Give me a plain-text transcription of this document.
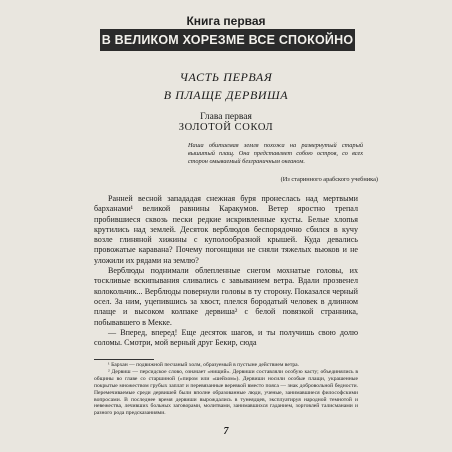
Книга первая
В ВЕЛИКОМ ХОРЕЗМЕ ВСЕ СПОКОЙНО
ЧАСТЬ ПЕРВАЯ
В ПЛАЩЕ ДЕРВИША
Глава первая
ЗОЛОТОЙ СОКОЛ
Наша обитаемая земля похожа на развернутый старый вышитый плащ. Она представляет собою остров, со всех сторон омываемый безграничным океаном.
(Из старинного арабского учебника)

Ранней весной запададая снежная буря пронеслась над мертвыми барханами¹ великой равнины Каракумов. Ветер яростно трепал пробившиеся сквозь пески редкие искривленные кусты. Белые хлопья крутились над землей. Десяток верблюдов беспорядочно сбился в кучу возле глиняной хижины с куполообразной крышей. Куда девались провожатые каравана? Почему погонщики не сняли тяжелых вьюков и не уложили их рядами на землю?

Верблюды поднимали облепленные снегом мохнатые головы, их тоскливые вскипывания сливались с завыванием ветра. Вдали прозвенел колокольчик... Верблюды повернули головы в ту сторону. Показался черный осел. За ним, уцепившись за хвост, плелся бородатый человек в длинном плаще и высоком колпаке дервиша² с белой повязкой странника, побывавшего в Мекке.

— Вперед, вперед! Еще десяток шагов, и ты получишь свою долю соломы. Смотри, мой верный друг Бекир, сюда

¹ Бархан — подвижной песчаный холм, образуемый в пустыне действием ветра.

² Дервиш — персидское слово, означает «нищий». Дервиши составляли особую касту; объединялись в общины во главе со старшиной («пиром или «шейхом»). Дервиши носили особые плащи, украшенные покрытые множеством грубых заплат и перевязанные веревкой вместо пояса — знак добровольной бедности. Перемечиваемые среди дервишей были вполне образованные люди, ученые, занимавшиеся философскими вопросами. В последнее время дервиши вырождались в тунеядцев, эксплуатируя народной темнотой и невежества, лечивших больных заговорами, молитвами, занимавшихся гаданием, зорговлей талисманами и разного рода предсказаниями.

7
